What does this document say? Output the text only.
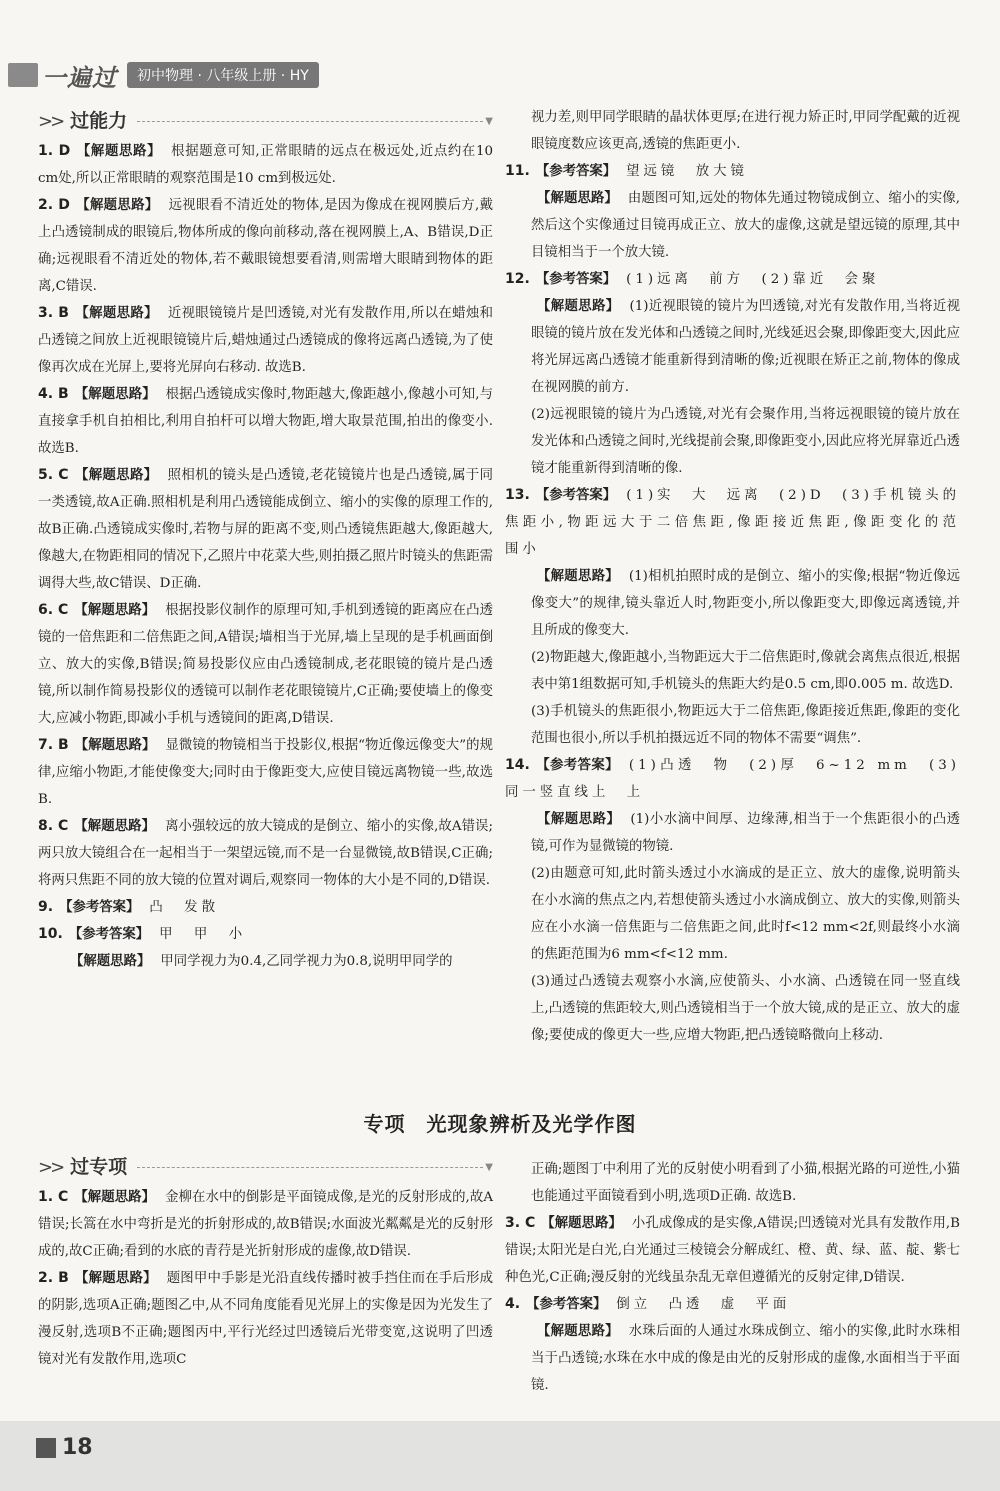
一遍过	初中物理 · 八年级上册 · HY
>> 过能力	▼

1. D 【解题思路】 根据题意可知,正常眼睛的远点在极远处,近点约在10 cm处,所以正常眼睛的观察范围是10 cm到极远处.

2. D 【解题思路】 远视眼看不清近处的物体,是因为像成在视网膜后方,戴上凸透镜制成的眼镜后,物体所成的像向前移动,落在视网膜上,A、B错误,D正确;远视眼看不清近处的物体,若不戴眼镜想要看清,则需增大眼睛到物体的距离,C错误.

3. B 【解题思路】 近视眼镜镜片是凹透镜,对光有发散作用,所以在蜡烛和凸透镜之间放上近视眼镜镜片后,蜡烛通过凸透镜成的像将远离凸透镜,为了使像再次成在光屏上,要将光屏向右移动. 故选B.

4. B 【解题思路】 根据凸透镜成实像时,物距越大,像距越小,像越小可知,与直接拿手机自拍相比,利用自拍杆可以增大物距,增大取景范围,拍出的像变小. 故选B.

5. C 【解题思路】 照相机的镜头是凸透镜,老花镜镜片也是凸透镜,属于同一类透镜,故A正确.照相机是利用凸透镜能成倒立、缩小的实像的原理工作的,故B正确.凸透镜成实像时,若物与屏的距离不变,则凸透镜焦距越大,像距越大,像越大,在物距相同的情况下,乙照片中花菜大些,则拍摄乙照片时镜头的焦距需调得大些,故C错误、D正确.

6. C 【解题思路】 根据投影仪制作的原理可知,手机到透镜的距离应在凸透镜的一倍焦距和二倍焦距之间,A错误;墙相当于光屏,墙上呈现的是手机画面倒立、放大的实像,B错误;简易投影仪应由凸透镜制成,老花眼镜的镜片是凸透镜,所以制作简易投影仪的透镜可以制作老花眼镜镜片,C正确;要使墙上的像变大,应减小物距,即减小手机与透镜间的距离,D错误.

7. B 【解题思路】 显微镜的物镜相当于投影仪,根据“物近像远像变大”的规律,应缩小物距,才能使像变大;同时由于像距变大,应使目镜远离物镜一些,故选B.

8. C 【解题思路】 离小强较远的放大镜成的是倒立、缩小的实像,故A错误;两只放大镜组合在一起相当于一架望远镜,而不是一台显微镜,故B错误,C正确;将两只焦距不同的放大镜的位置对调后,观察同一物体的大小是不同的,D错误.

9. 【参考答案】 凸　发散

10. 【参考答案】 甲　甲　小

【解题思路】 甲同学视力为0.4,乙同学视力为0.8,说明甲同学的

视力差,则甲同学眼睛的晶状体更厚;在进行视力矫正时,甲同学配戴的近视眼镜度数应该更高,透镜的焦距更小.

11. 【参考答案】 望远镜　放大镜

【解题思路】 由题图可知,远处的物体先通过物镜成倒立、缩小的实像,然后这个实像通过目镜再成正立、放大的虚像,这就是望远镜的原理,其中目镜相当于一个放大镜.

12. 【参考答案】 (1)远离　前方　(2)靠近　会聚

【解题思路】 (1)近视眼镜的镜片为凹透镜,对光有发散作用,当将近视眼镜的镜片放在发光体和凸透镜之间时,光线延迟会聚,即像距变大,因此应将光屏远离凸透镜才能重新得到清晰的像;近视眼在矫正之前,物体的像成在视网膜的前方.

(2)远视眼镜的镜片为凸透镜,对光有会聚作用,当将远视眼镜的镜片放在发光体和凸透镜之间时,光线提前会聚,即像距变小,因此应将光屏靠近凸透镜才能重新得到清晰的像.

13. 【参考答案】 (1)实　大　远离　(2)D　(3)手机镜头的焦距小,物距远大于二倍焦距,像距接近焦距,像距变化的范围小

【解题思路】 (1)相机拍照时成的是倒立、缩小的实像;根据“物近像远像变大”的规律,镜头靠近人时,物距变小,所以像距变大,即像远离透镜,并且所成的像变大.

(2)物距越大,像距越小,当物距远大于二倍焦距时,像就会离焦点很近,根据表中第1组数据可知,手机镜头的焦距大约是0.5 cm,即0.005 m. 故选D.

(3)手机镜头的焦距很小,物距远大于二倍焦距,像距接近焦距,像距的变化范围也很小,所以手机拍摄远近不同的物体不需要“调焦”.

14. 【参考答案】 (1)凸透　物　(2)厚　6~12 mm　(3)同一竖直线上　上

【解题思路】 (1)小水滴中间厚、边缘薄,相当于一个焦距很小的凸透镜,可作为显微镜的物镜.

(2)由题意可知,此时箭头透过小水滴成的是正立、放大的虚像,说明箭头在小水滴的焦点之内,若想使箭头透过小水滴成倒立、放大的实像,则箭头应在小水滴一倍焦距与二倍焦距之间,此时f<12 mm<2f,则最终小水滴的焦距范围为6 mm<f<12 mm.

(3)通过凸透镜去观察小水滴,应使箭头、小水滴、凸透镜在同一竖直线上,凸透镜的焦距较大,则凸透镜相当于一个放大镜,成的是正立、放大的虚像;要使成的像更大一些,应增大物距,把凸透镜略微向上移动.

专项　光现象辨析及光学作图
>> 过专项	▼

1. C 【解题思路】 金柳在水中的倒影是平面镜成像,是光的反射形成的,故A错误;长篙在水中弯折是光的折射形成的,故B错误;水面波光粼粼是光的反射形成的,故C正确;看到的水底的青荇是光折射形成的虚像,故D错误.

2. B 【解题思路】 题图甲中手影是光沿直线传播时被手挡住而在手后形成的阴影,选项A正确;题图乙中,从不同角度能看见光屏上的实像是因为光发生了漫反射,选项B不正确;题图丙中,平行光经过凹透镜后光带变宽,这说明了凹透镜对光有发散作用,选项C

正确;题图丁中利用了光的反射使小明看到了小猫,根据光路的可逆性,小猫也能通过平面镜看到小明,选项D正确. 故选B.

3. C 【解题思路】 小孔成像成的是实像,A错误;凹透镜对光具有发散作用,B错误;太阳光是白光,白光通过三棱镜会分解成红、橙、黄、绿、蓝、靛、紫七种色光,C正确;漫反射的光线虽杂乱无章但遵循光的反射定律,D错误.

4. 【参考答案】 倒立　凸透　虚　平面

【解题思路】 水珠后面的人通过水珠成倒立、缩小的实像,此时水珠相当于凸透镜;水珠在水中成的像是由光的反射形成的虚像,水面相当于平面镜.

18
